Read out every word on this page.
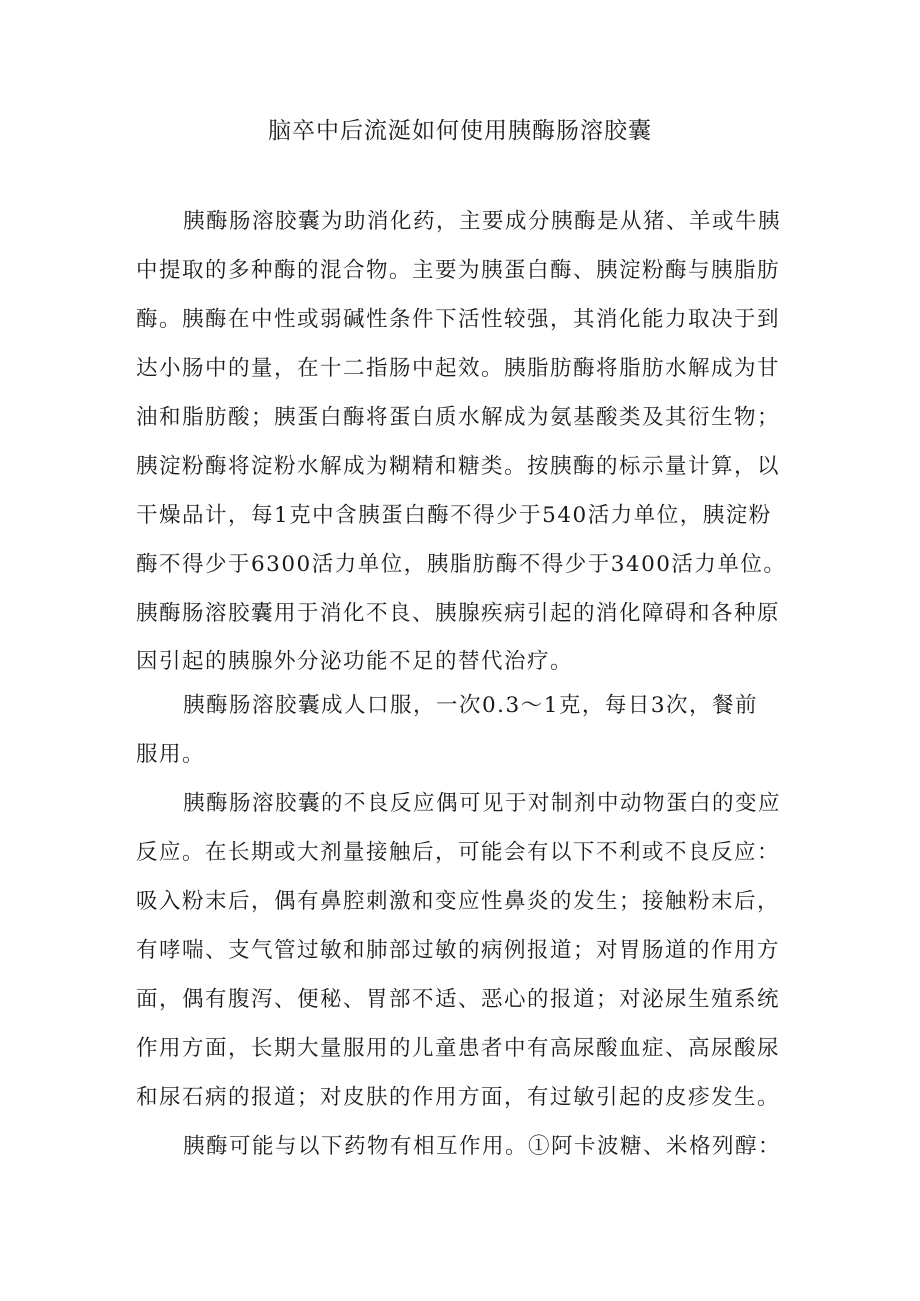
脑卒中后流涎如何使用胰酶肠溶胶囊

胰酶肠溶胶囊为助消化药，主要成分胰酶是从猪、羊或牛胰

中提取的多种酶的混合物。主要为胰蛋白酶、胰淀粉酶与胰脂肪

酶。胰酶在中性或弱碱性条件下活性较强，其消化能力取决于到

达小肠中的量，在十二指肠中起效。胰脂肪酶将脂肪水解成为甘

油和脂肪酸；胰蛋白酶将蛋白质水解成为氨基酸类及其衍生物；

胰淀粉酶将淀粉水解成为糊精和糖类。按胰酶的标示量计算，以

干燥品计，每1克中含胰蛋白酶不得少于540活力单位，胰淀粉

酶不得少于6300活力单位，胰脂肪酶不得少于3400活力单位。

胰酶肠溶胶囊用于消化不良、胰腺疾病引起的消化障碍和各种原

因引起的胰腺外分泌功能不足的替代治疗。

胰酶肠溶胶囊成人口服，一次0.3～1克，每日3次，餐前

服用。

胰酶肠溶胶囊的不良反应偶可见于对制剂中动物蛋白的变应

反应。在长期或大剂量接触后，可能会有以下不利或不良反应：

吸入粉末后，偶有鼻腔刺激和变应性鼻炎的发生；接触粉末后，

有哮喘、支气管过敏和肺部过敏的病例报道；对胃肠道的作用方

面，偶有腹泻、便秘、胃部不适、恶心的报道；对泌尿生殖系统

作用方面，长期大量服用的儿童患者中有高尿酸血症、高尿酸尿

和尿石病的报道；对皮肤的作用方面，有过敏引起的皮疹发生。

胰酶可能与以下药物有相互作用。①阿卡波糖、米格列醇：
